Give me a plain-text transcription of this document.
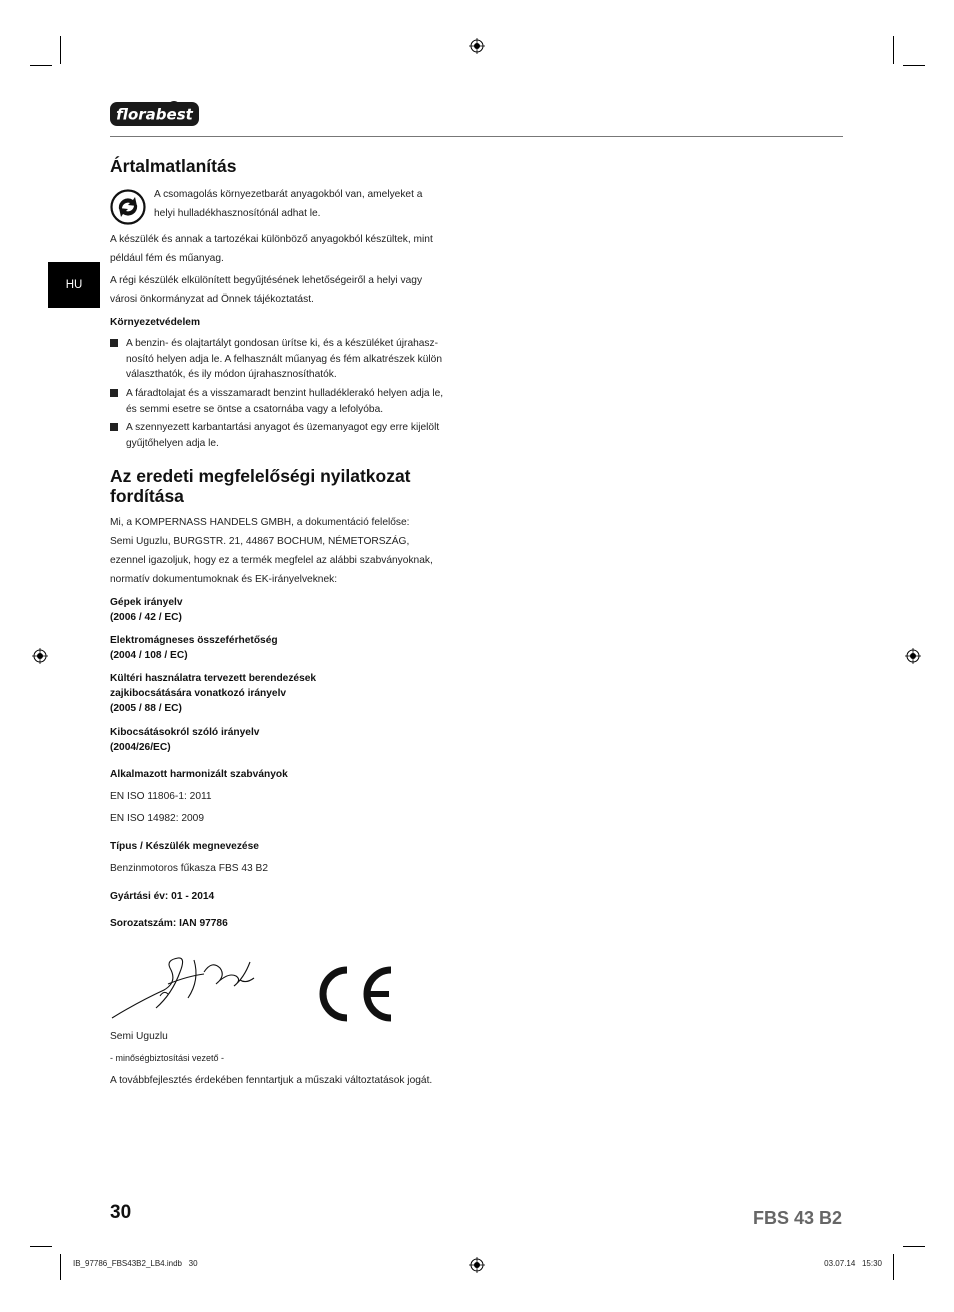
florabest
HU
Ártalmatlanítás
A csomagolás környezetbarát anyagokból van, amelyeket a
helyi hulladékhasznosítónál adhat le.
A készülék és annak a tartozékai különböző anyagokból készültek, mint
például fém és műanyag.
A régi készülék elkülönített begyűjtésének lehetőségeiről a helyi vagy
városi önkormányzat ad Önnek tájékoztatást.
Környezetvédelem
A benzin- és olajtartályt gondosan ürítse ki, és a készüléket újrahasz-
nosító helyen adja le. A felhasznált műanyag és fém alkatrészek külön
választhatók, és ily módon újrahasznosíthatók.
A fáradtolajat és a visszamaradt benzint hulladéklerakó helyen adja le,
és semmi esetre se öntse a csatornába vagy a lefolyóba.
A szennyezett karbantartási anyagot és üzemanyagot egy erre kijelölt
gyűjtőhelyen adja le.
Az eredeti megfelelőségi nyilatkozat
fordítása
Mi, a KOMPERNASS HANDELS GMBH, a dokumentáció felelőse:
Semi Uguzlu, BURGSTR. 21, 44867 BOCHUM, NÉMETORSZÁG,
ezennel igazoljuk, hogy ez a termék megfelel az alábbi szabványoknak,
normatív dokumentumoknak és EK-irányelveknek:
Gépek irányelv
(2006 / 42 / EC)
Elektromágneses összeférhetőség
(2004 / 108 / EC)
Kültéri használatra tervezett berendezések
zajkibocsátására vonatkozó irányelv
(2005 / 88 / EC)
Kibocsátásokról szóló irányelv
(2004/26/EC)
Alkalmazott harmonizált szabványok
EN ISO 11806-1: 2011
EN ISO 14982: 2009
Típus / Készülék megnevezése
Benzinmotoros fűkasza FBS 43 B2
Gyártási év: 01 - 2014
Sorozatszám: IAN 97786
Semi Uguzlu
- minőségbiztosítási vezető -
A továbbfejlesztés érdekében fenntartjuk a műszaki változtatások jogát.
30	FBS 43 B2
IB_97786_FBS43B2_LB4.indb   30	03.07.14   15:30
